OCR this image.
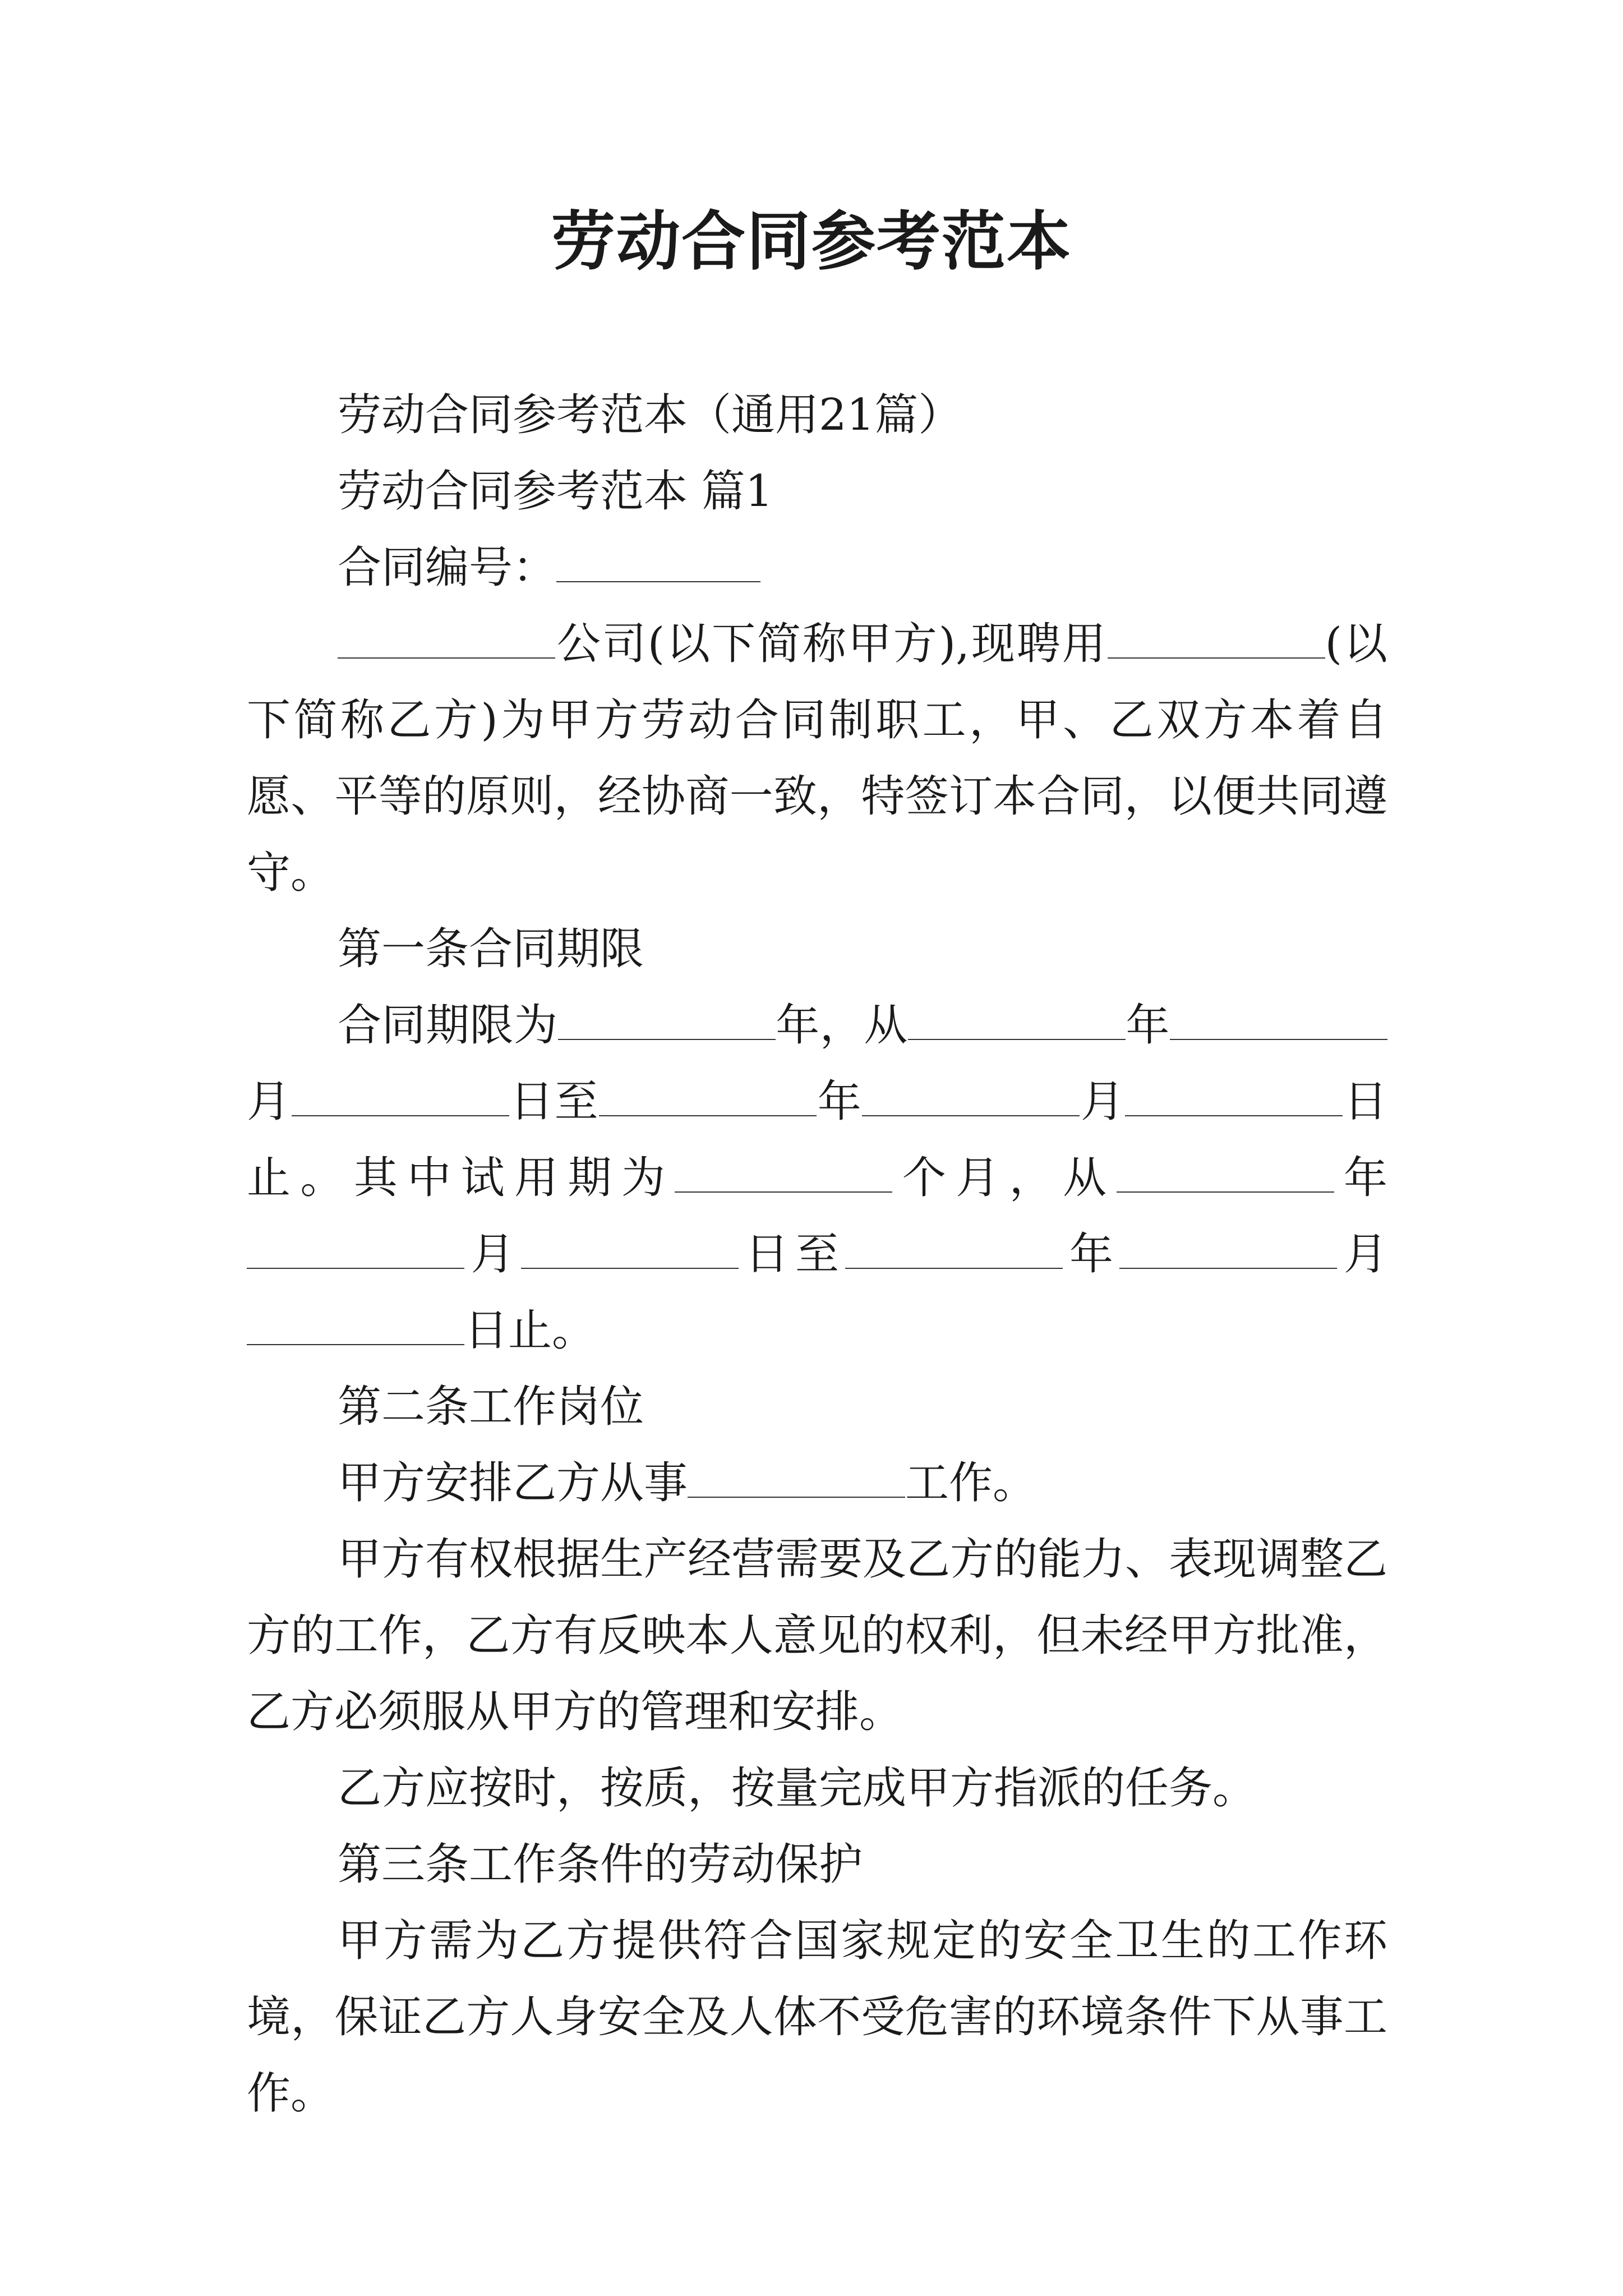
劳动合同参考范本

劳动合同参考范本（通用21篇）

劳动合同参考范本 篇1

合同编号：

公司(以下简称甲方),现聘用	(以下简称乙方)为甲方劳动合同制职工，甲、乙双方本着自愿、平等的原则，经协商一致，特签订本合同，以便共同遵守。

第一条合同期限

合同期限为	年，从	年月	日至	年	月	日止。其中试用期为	个月，从	年月	日至	年	月日止。

第二条工作岗位

甲方安排乙方从事	工作。

甲方有权根据生产经营需要及乙方的能力、表现调整乙方的工作，乙方有反映本人意见的权利，但未经甲方批准，乙方必须服从甲方的管理和安排。

乙方应按时，按质，按量完成甲方指派的任务。

第三条工作条件的劳动保护

甲方需为乙方提供符合国家规定的安全卫生的工作环境，保证乙方人身安全及人体不受危害的环境条件下从事工作。
